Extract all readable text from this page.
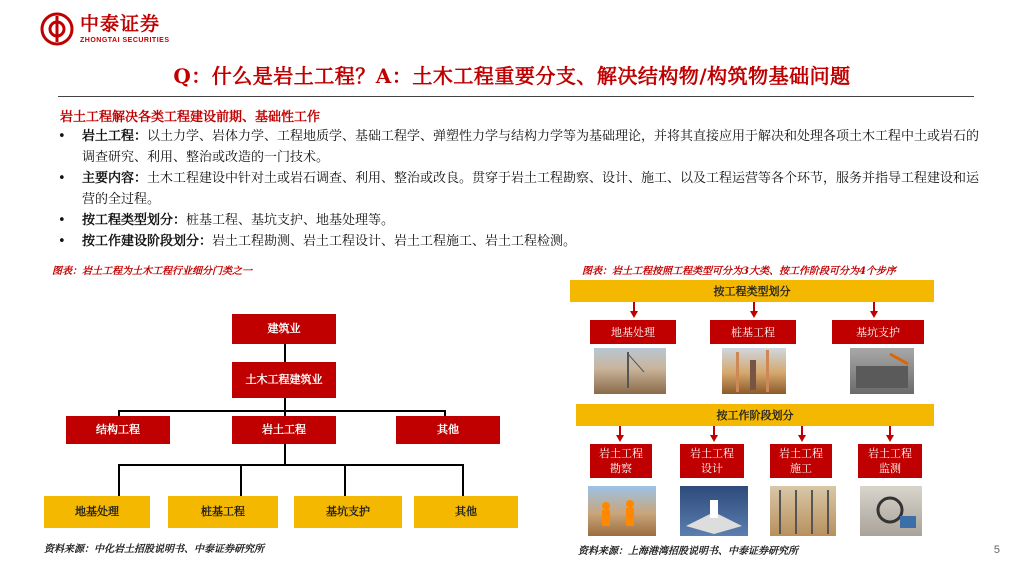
中泰证券
ZHONGTAI SECURITIES
Q：什么是岩土工程？A：土木工程重要分支、解决结构物/构筑物基础问题
岩土工程解决各类工程建设前期、基础性工作
•	岩土工程：以土力学、岩体力学、工程地质学、基础工程学、弹塑性力学与结构力学等为基础理论，并将其直接应用于解决和处理各项土木工程中土或岩石的调查研究、利用、整治或改造的一门技术。
•	主要内容：土木工程建设中针对土或岩石调查、利用、整治或改良。贯穿于岩土工程勘察、设计、施工、以及工程运营等各个环节，服务并指导工程建设和运营的全过程。
•	按工程类型划分：桩基工程、基坑支护、地基处理等。
•	按工作建设阶段划分：岩土工程勘测、岩土工程设计、岩土工程施工、岩土工程检测。
图表：岩土工程为土木工程行业细分门类之一
建筑业
土木工程建筑业
结构工程	岩土工程	其他
地基处理	桩基工程	基坑支护	其他
资料来源：中化岩土招股说明书、中泰证券研究所
图表：岩土工程按照工程类型可分为3大类、按工作阶段可分为4个步序
按工程类型划分
地基处理	桩基工程	基坑支护
按工作阶段划分
岩土工程勘察
岩土工程设计
岩土工程施工
岩土工程监测
资料来源：上海港湾招股说明书、中泰证券研究所	5
